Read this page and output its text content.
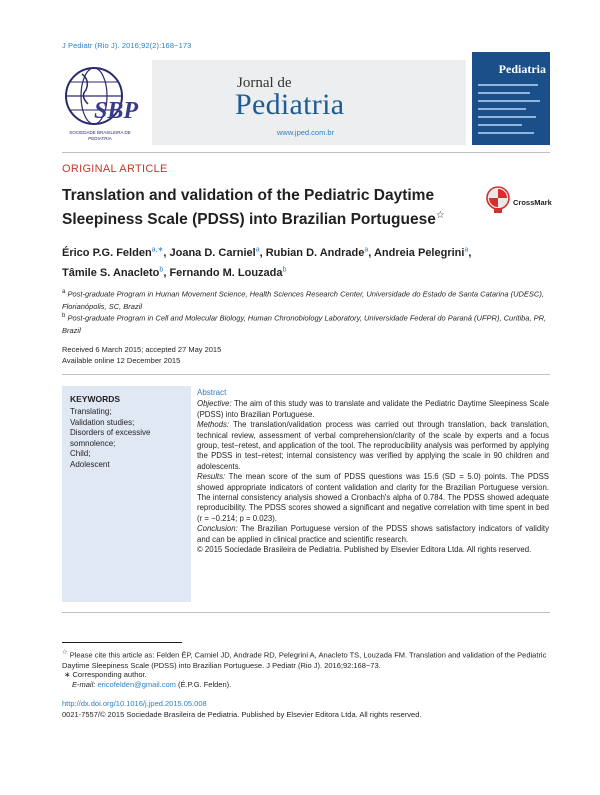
J Pediatr (Rio J). 2016;92(2):168−173
SBP
SOCIEDADE BRASILEIRA DE PEDIATRIA
Jornal de
Pediatria
www.jped.com.br
Pediatria
ORIGINAL ARTICLE
Translation and validation of the Pediatric Daytime Sleepiness Scale (PDSS) into Brazilian Portuguese☆
CrossMark
Érico P.G. Felden$^{a,∗}$, Joana D. Carniel$^a$, Rubian D. Andrade$^a$, Andreia Pelegrini$^a$,
Tâmile S. Anacleto$^b$, Fernando M. Louzada$^b$
$^a$ Post-graduate Program in Human Movement Science, Health Sciences Research Center, Universidade do Estado de Santa Catarina (UDESC), Florianópolis, SC, Brazil
$^b$ Post-graduate Program in Cell and Molecular Biology, Human Chronobiology Laboratory, Universidade Federal do Paraná (UFPR), Curitiba, PR, Brazil
Received 6 March 2015; accepted 27 May 2015
Available online 12 December 2015
KEYWORDS
Translating;
Validation studies;
Disorders of excessive somnolence;
Child;
Adolescent
Abstract

Objective: The aim of this study was to translate and validate the Pediatric Daytime Sleepiness Scale (PDSS) into Brazilian Portuguese.

Methods: The translation/validation process was carried out through translation, back translation, technical review, assessment of verbal comprehension/clarity of the scale by experts and a focus group, test−retest, and application of the tool. The reproducibility analysis was performed by applying the PDSS in test−retest; internal consistency was verified by applying the scale in 90 children and adolescents.

Results: The mean score of the sum of PDSS questions was 15.6 (SD = 5.0) points. The PDSS showed appropriate indicators of content validation and clarity for the Brazilian Portuguese version. The internal consistency analysis showed a Cronbach's alpha of 0.784. The PDSS showed adequate reproducibility. The PDSS scores showed a significant and negative correlation with time spent in bed (r = −0.214; p = 0.023).

Conclusion: The Brazilian Portuguese version of the PDSS shows satisfactory indicators of validity and can be applied in clinical practice and scientific research.

© 2015 Sociedade Brasileira de Pediatria. Published by Elsevier Editora Ltda. All rights reserved.

☆ Please cite this article as: Felden ÉP, Carniel JD, Andrade RD, Pelegrini A, Anacleto TS, Louzada FM. Translation and validation of the Pediatric Daytime Sleepiness Scale (PDSS) into Brazilian Portuguese. J Pediatr (Rio J). 2016;92:168−73.
∗ Corresponding author.
E-mail: ericofelden@gmail.com (É.P.G. Felden).
http://dx.doi.org/10.1016/j.jped.2015.05.008
0021-7557/© 2015 Sociedade Brasileira de Pediatria. Published by Elsevier Editora Ltda. All rights reserved.
